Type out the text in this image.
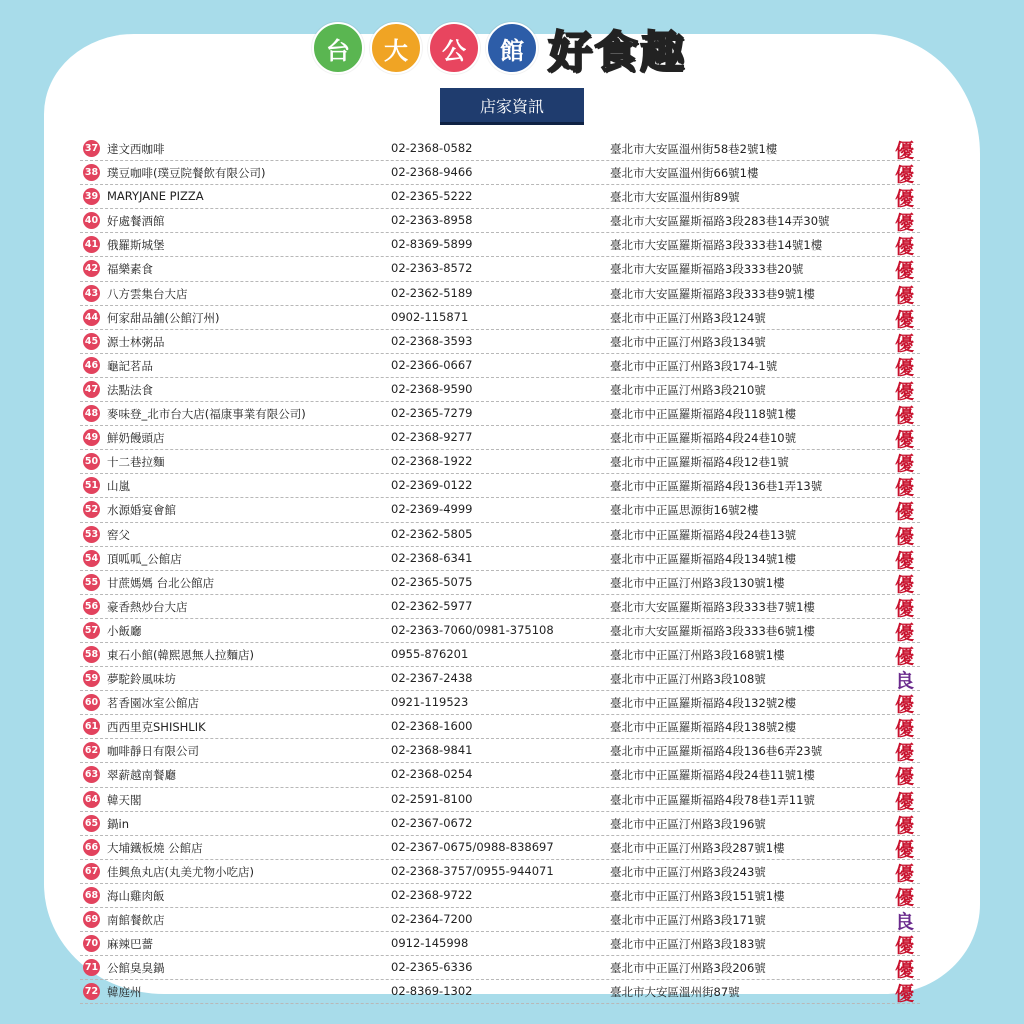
台	大	公	館 好食趣
店家資訊
37 達文西咖啡	02-2368-0582	臺北市大安區溫州街58巷2號1樓	優
38 璞豆咖啡(璞豆院餐飲有限公司)	02-2368-9466	臺北市大安區溫州街66號1樓	優
39 MARYJANE PIZZA	02-2365-5222	臺北市大安區溫州街89號	優
40 好處餐酒館	02-2363-8958	臺北市大安區羅斯福路3段283巷14弄30號	優
41 俄羅斯城堡	02-8369-5899	臺北市大安區羅斯福路3段333巷14號1樓	優
42 福樂素食	02-2363-8572	臺北市大安區羅斯福路3段333巷20號	優
43 八方雲集台大店	02-2362-5189	臺北市大安區羅斯福路3段333巷9號1樓	優
44 何家甜品舖(公館汀州)	0902-115871	臺北市中正區汀州路3段124號	優
45 源士林粥品	02-2368-3593	臺北市中正區汀州路3段134號	優
46 龜記茗品	02-2366-0667	臺北市中正區汀州路3段174-1號	優
47 法點法食	02-2368-9590	臺北市中正區汀州路3段210號	優
48 麥味登_北市台大店(福康事業有限公司)	02-2365-7279	臺北市中正區羅斯福路4段118號1樓	優
49 鮮奶饅頭店	02-2368-9277	臺北市中正區羅斯福路4段24巷10號	優
50 十二巷拉麵	02-2368-1922	臺北市中正區羅斯福路4段12巷1號	優
51 山嵐	02-2369-0122	臺北市中正區羅斯福路4段136巷1弄13號	優
52 水源婚宴會館	02-2369-4999	臺北市中正區思源街16號2樓	優
53 窖父	02-2362-5805	臺北市中正區羅斯福路4段24巷13號	優
54 頂呱呱_公館店	02-2368-6341	臺北市中正區羅斯福路4段134號1樓	優
55 甘蔗媽媽 台北公館店	02-2365-5075	臺北市中正區汀州路3段130號1樓	優
56 豪香熱炒台大店	02-2362-5977	臺北市大安區羅斯福路3段333巷7號1樓	優
57 小飯廳	02-2363-7060/0981-375108	臺北市大安區羅斯福路3段333巷6號1樓	優
58 東石小館(韓熙恩無人拉麵店)	0955-876201	臺北市中正區汀州路3段168號1樓	優
59 夢駝鈴風味坊	02-2367-2438	臺北市中正區汀州路3段108號	良
60 茗香園冰室公館店	0921-119523	臺北市中正區羅斯福路4段132號2樓	優
61 西西里克SHISHLIK	02-2368-1600	臺北市中正區羅斯福路4段138號2樓	優
62 咖啡靜日有限公司	02-2368-9841	臺北市中正區羅斯福路4段136巷6弄23號	優
63 翠薪越南餐廳	02-2368-0254	臺北市中正區羅斯福路4段24巷11號1樓	優
64 韓天閣	02-2591-8100	臺北市中正區羅斯福路4段78巷1弄11號	優
65 鍋in	02-2367-0672	臺北市中正區汀州路3段196號	優
66 大埔鐵板燒 公館店	02-2367-0675/0988-838697	臺北市中正區汀州路3段287號1樓	優
67 佳興魚丸店(丸美尤物小吃店)	02-2368-3757/0955-944071	臺北市中正區汀州路3段243號	優
68 海山雞肉飯	02-2368-9722	臺北市中正區汀州路3段151號1樓	優
69 南館餐飲店	02-2364-7200	臺北市中正區汀州路3段171號	良
70 麻辣巴薔	0912-145998	臺北市中正區汀州路3段183號	優
71 公館臭臭鍋	02-2365-6336	臺北市中正區汀州路3段206號	優
72 韓庭州	02-8369-1302	臺北市大安區溫州街87號	優
